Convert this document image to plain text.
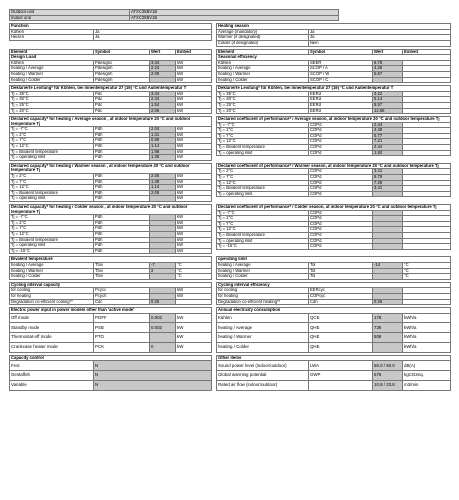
Outdoor unit	ATXC35BV1B
Indoor unit	ATXC35BV1B
Function	
Kühlen	Ja
Heizen	Ja
Heating season	
Average (mandatory)	Ja
Warmer (if designated)	Ja
Colder (if designated)	Nein
Element	Symbol	Wert	Einheit
Design Load			
Kühlen	Pdesignc	3.44	kW
heating / Average	Pdesignh	2.24	kW
heating / Warmer	Pdesignh	2.06	kW
heating / Colder	Pdesignh		kW
Element	Symbol	Wert	Einheit
Seasonal efficiency			
Kühlen	SEER	6.78	
heating / Average	SCOP / A	4.26	
heating / Warmer	SCOP / W	5.67	
heating / Colder	SCOP / C		
Deklarierte Leistung* für Kühlen, bei Innentemperatur 27 (19) °C und Außentemperatur T			
Tj = 35°C	Pdc	3.44	kW
Tj = 30°C	Pdc	2.34	kW
Tj = 25°C	Pdc	1.54	kW
Tj = 20°C	Pdc	2.06	kW
Deklarierte Leistung* für Kühlen, bei Innentemperatur 27 (19) °C und Außentemperatur T			
Tj = 35°C	EERd	3.22	
Tj = 30°C	EERd	5.14	
Tj = 25°C	EERd	8.57	
Tj = 20°C	EERd	12.68	
Declared capacity* for heating / Average season , at indoor temperature 20 °C and outdoor temperature Tj			
Tj = -7°C	Pdh	2.04	kW
Tj = 2°C	Pdh	1.31	kW
Tj = 7°C	Pdh	0.99	kW
Tj = 12°C	Pdh	1.14	kW
Tj = Bivalent temperature	Pdh	1.98	kW
Tj = operating limit	Pdh	1.36	kW
Declared coefficient of performance* / Average season, at indoor temperature 20 °C and outdoor temperature Tj			
Tj = -7°C	COPd	2.44	
Tj = 2°C	COPd	4.48	
Tj = 7°C	COPd	5.77	
Tj = 12°C	COPd	7.21	
Tj = Bivalent temperature	COPd	2.44	
Tj = operating limit	COPd	1.92	
Declared capacity* for heating / Warmer season , at indoor temperature 20 °C and outdoor temperature Tj			
Tj = 2°C	Pdh	2.06	kW
Tj = 7°C	Pdh	1.39	kW
Tj = 12°C	Pdh	1.14	kW
Tj = Bivalent temperature	Pdh	2.06	kW
Tj = operating limit	Pdh		kW
Declared coefficient of performance* / Warmer season, at indoor temperature 20 °C and outdoor temperature Tj			
Tj = 2°C	COPd	3.41	
Tj = 7°C	COPd	5.79	
Tj = 12°C	COPd	7.28	
Tj = Bivalent temperature	COPd	3.41	
Tj = operating limit	COPd		
Declared capacity* for heating / Colder season , at indoor temperature 20 °C and outdoor temperature Tj			
Tj = -7°C	Pdh		kW
Tj = 2°C	Pdh		kW
Tj = 7°C	Pdh		kW
Tj = 12°C	Pdh		kW
Tj = Bivalent temperature	Pdh		kW
Tj = operating limit	Pdh		kW
Tj = -15°C	Pdh		kW
Declared coefficient of performance* / Colder season, at indoor temperature 20 °C and outdoor temperature Tj			
Tj = -7°C	COPd		
Tj = 2°C	COPd		
Tj = 7°C	COPd		
Tj = 12°C	COPd		
Tj = Bivalent temperature	COPd		
Tj = operating limit	COPd		
Tj = -15°C	COPd		
Bivalent temperature			
heating / Average	Tbiv	-7	°C
heating / Warmer	Tbiv	2	°C
heating / Colder	Tbiv		°C
operating limit			
heating / Average	Tol	-14	°C
heating / Warmer	Tol		°C
heating / Colder	Tol		°C
Cycling interval capacity			
for cooling	Pcycc		kW
for heating	Pcych		kW
Degradation co-efficient cooling**	Cdc	0.25	
Cycling interval efficiency			
for cooling	EERcyc		
for heating	COPcyc		
Degradation co-efficient heating**	Cdh	0.25	
Electric power input in power models other than 'active mode'			
Off mode	POFF	0.002	kW
Standby mode	PSB	0.002	kW
Thermostat-off mode	PTO		kW
Crankcase heater mode	PCK	0	kW
Annual electricity consumption			
Kühlen	QCE	178	kWh/a
heating / Average	QHE	736	kWh/a
heating / Warmer	QHE	508	kWh/a
heating / Colder	QHE		kWh/a
Capacity control	
Fest	N
Gestaffelt	N
Variable	N
Other items			
Sound power level (indoor/outdoor)	LWA	55.0 / 60.0	dB(A)
Global warming potential	GWP	675	kgCO2eq.
Rated air flow (indoor/outdoor)		10.8 / 23.8	m3/min
